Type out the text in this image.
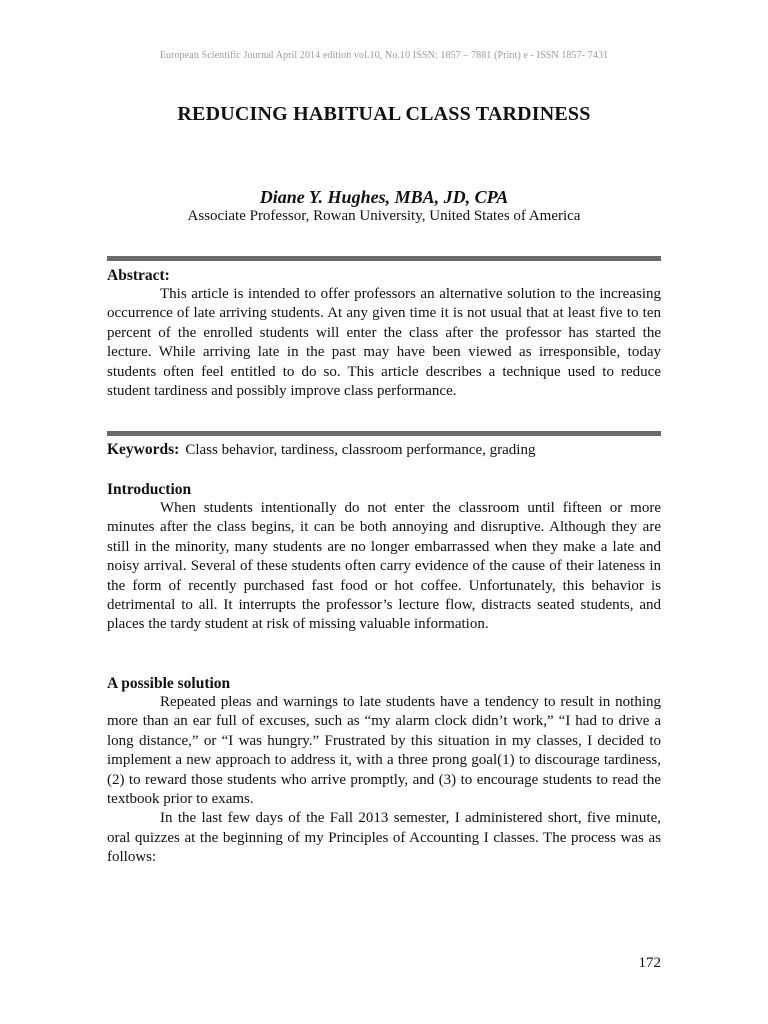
European Scientific Journal April 2014 edition vol.10, No.10 ISSN: 1857 – 7881 (Print) e - ISSN 1857- 7431
REDUCING HABITUAL CLASS TARDINESS
Diane Y. Hughes, MBA, JD, CPA
Associate Professor, Rowan University, United States of America

Abstract:

This article is intended to offer professors an alternative solution to the increasing occurrence of late arriving students. At any given time it is not usual that at least five to ten percent of the enrolled students will enter the class after the professor has started the lecture. While arriving late in the past may have been viewed as irresponsible, today students often feel entitled to do so. This article describes a technique used to reduce student tardiness and possibly improve class performance.

Keywords: Class behavior, tardiness, classroom performance, grading

Introduction

When students intentionally do not enter the classroom until fifteen or more minutes after the class begins, it can be both annoying and disruptive. Although they are still in the minority, many students are no longer embarrassed when they make a late and noisy arrival. Several of these students often carry evidence of the cause of their lateness in the form of recently purchased fast food or hot coffee. Unfortunately, this behavior is detrimental to all. It interrupts the professor’s lecture flow, distracts seated students, and places the tardy student at risk of missing valuable information.

A possible solution

Repeated pleas and warnings to late students have a tendency to result in nothing more than an ear full of excuses, such as “my alarm clock didn’t work,” “I had to drive a long distance,” or “I was hungry.” Frustrated by this situation in my classes, I decided to implement a new approach to address it, with a three prong goal(1) to discourage tardiness, (2) to reward those students who arrive promptly, and (3) to encourage students to read the textbook prior to exams.

In the last few days of the Fall 2013 semester, I administered short, five minute, oral quizzes at the beginning of my Principles of Accounting I classes. The process was as follows:

172
